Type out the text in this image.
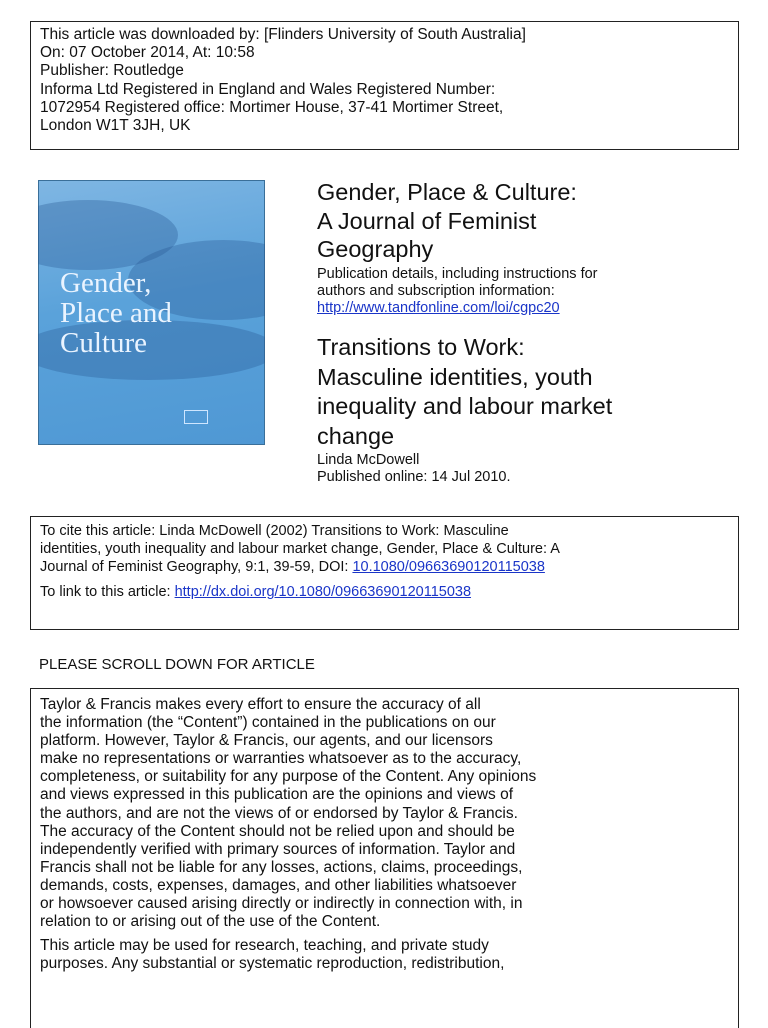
This article was downloaded by: [Flinders University of South Australia]
On: 07 October 2014, At: 10:58
Publisher: Routledge
Informa Ltd Registered in England and Wales Registered Number:
1072954 Registered office: Mortimer House, 37-41 Mortimer Street,
London W1T 3JH, UK
Gender,
Place and
Culture
Gender, Place & Culture:
A Journal of Feminist
Geography
Publication details, including instructions for
authors and subscription information:
http://www.tandfonline.com/loi/cgpc20
Transitions to Work:
Masculine identities, youth
inequality and labour market
change
Linda McDowell
Published online: 14 Jul 2010.
To cite this article: Linda McDowell (2002) Transitions to Work: Masculine
identities, youth inequality and labour market change, Gender, Place & Culture: A
Journal of Feminist Geography, 9:1, 39-59, DOI: 10.1080/09663690120115038
To link to this article: http://dx.doi.org/10.1080/09663690120115038
PLEASE SCROLL DOWN FOR ARTICLE
Taylor & Francis makes every effort to ensure the accuracy of all
the information (the “Content”) contained in the publications on our
platform. However, Taylor & Francis, our agents, and our licensors
make no representations or warranties whatsoever as to the accuracy,
completeness, or suitability for any purpose of the Content. Any opinions
and views expressed in this publication are the opinions and views of
the authors, and are not the views of or endorsed by Taylor & Francis.
The accuracy of the Content should not be relied upon and should be
independently verified with primary sources of information. Taylor and
Francis shall not be liable for any losses, actions, claims, proceedings,
demands, costs, expenses, damages, and other liabilities whatsoever
or howsoever caused arising directly or indirectly in connection with, in
relation to or arising out of the use of the Content.
This article may be used for research, teaching, and private study
purposes. Any substantial or systematic reproduction, redistribution,
